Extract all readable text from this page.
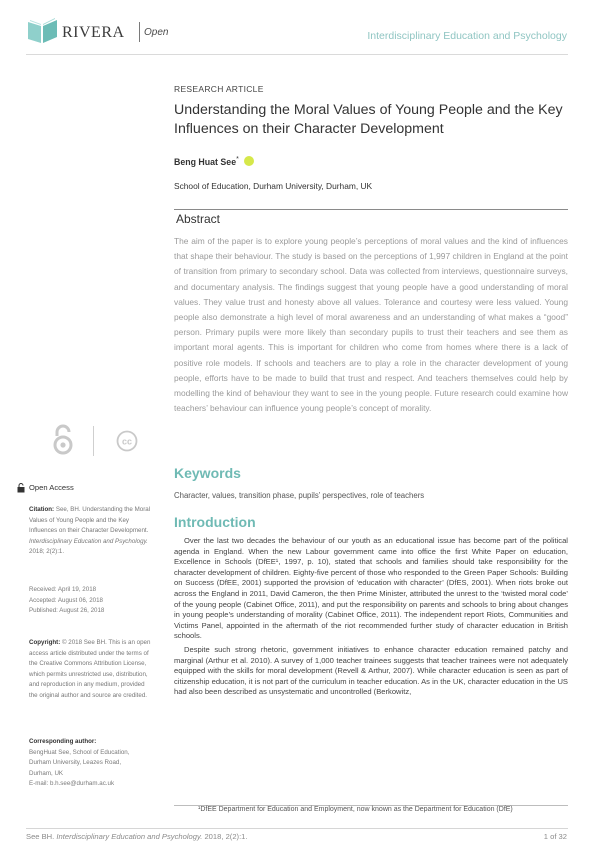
RIVERA Open	Interdisciplinary Education and Psychology
RESEARCH ARTICLE
Understanding the Moral Values of Young People and the Key Influences on their Character Development
Beng Huat See*
School of Education, Durham University, Durham, UK
Abstract
The aim of the paper is to explore young people’s perceptions of moral values and the kind of influences that shape their behaviour. The study is based on the perceptions of 1,997 children in England at the point of transition from primary to secondary school. Data was collected from interviews, questionnaire surveys, and documentary analysis. The findings suggest that young people have a good understanding of moral values. They value trust and honesty above all values. Tolerance and courtesy were less valued. Young people also demonstrate a high level of moral awareness and an understanding of what makes a “good” person. Primary pupils were more likely than secondary pupils to trust their teachers and see them as important moral agents. This is important for children who come from homes where there is a lack of positive role models. If schools and teachers are to play a role in the character development of young people, efforts have to be made to build that trust and respect. And teachers themselves could help by modelling the kind of behaviour they want to see in the young people. Future research could examine how teachers’ behaviour can influence young people’s concept of morality.
cc
Open Access
Citation: See, BH. Understanding the Moral Values of Young People and the Key Influences on their Character Development. Interdisciplinary Education and Psychology. 2018; 2(2):1.
Received: April 19, 2018
Accepted: August 06, 2018
Published: August 26, 2018
Copyright: © 2018 See BH. This is an open access article distributed under the terms of the Creative Commons Attribution License, which permits unrestricted use, distribution, and reproduction in any medium, provided the original author and source are credited.
Corresponding author:
BengHuat See, School of Education,
Durham University, Leazes Road,
Durham, UK
E-mail: b.h.see@durham.ac.uk
Keywords
Character, values, transition phase, pupils’ perspectives, role of teachers
Introduction

Over the last two decades the behaviour of our youth as an educational issue has become part of the political agenda in England. When the new Labour government came into office the first White Paper on education, Excellence in Schools (DfEE¹, 1997, p. 10), stated that schools and families should take responsibility for the character development of children. Eighty-five percent of those who responded to the Green Paper Schools: Building on Success (DfEE, 2001) supported the provision of ‘education with character’ (DfES, 2001). When riots broke out across the England in 2011, David Cameron, the then Prime Minister, attributed the unrest to the ‘twisted moral code’ of the young people (Cabinet Office, 2011), and put the responsibility on parents and schools to bring about changes in young people’s understanding of morality (Cabinet Office, 2011). The independent report Riots, Communities and Victims Panel, appointed in the aftermath of the riot recommended further study of character education in British schools.

Despite such strong rhetoric, government initiatives to enhance character education remained patchy and marginal (Arthur et al. 2010). A survey of 1,000 teacher trainees suggests that teacher trainees were not adequately equipped with the skills for moral development (Revell & Arthur, 2007). While character education is seen as part of citizenship education, it is not part of the curriculum in teacher education. As in the UK, character education in the US had also been described as unsystematic and uncontrolled (Berkowitz,

¹DfEE Department for Education and Employment, now known as the Department for Education (DfE)
See BH. Interdisciplinary Education and Psychology. 2018, 2(2):1.	1 of 32
